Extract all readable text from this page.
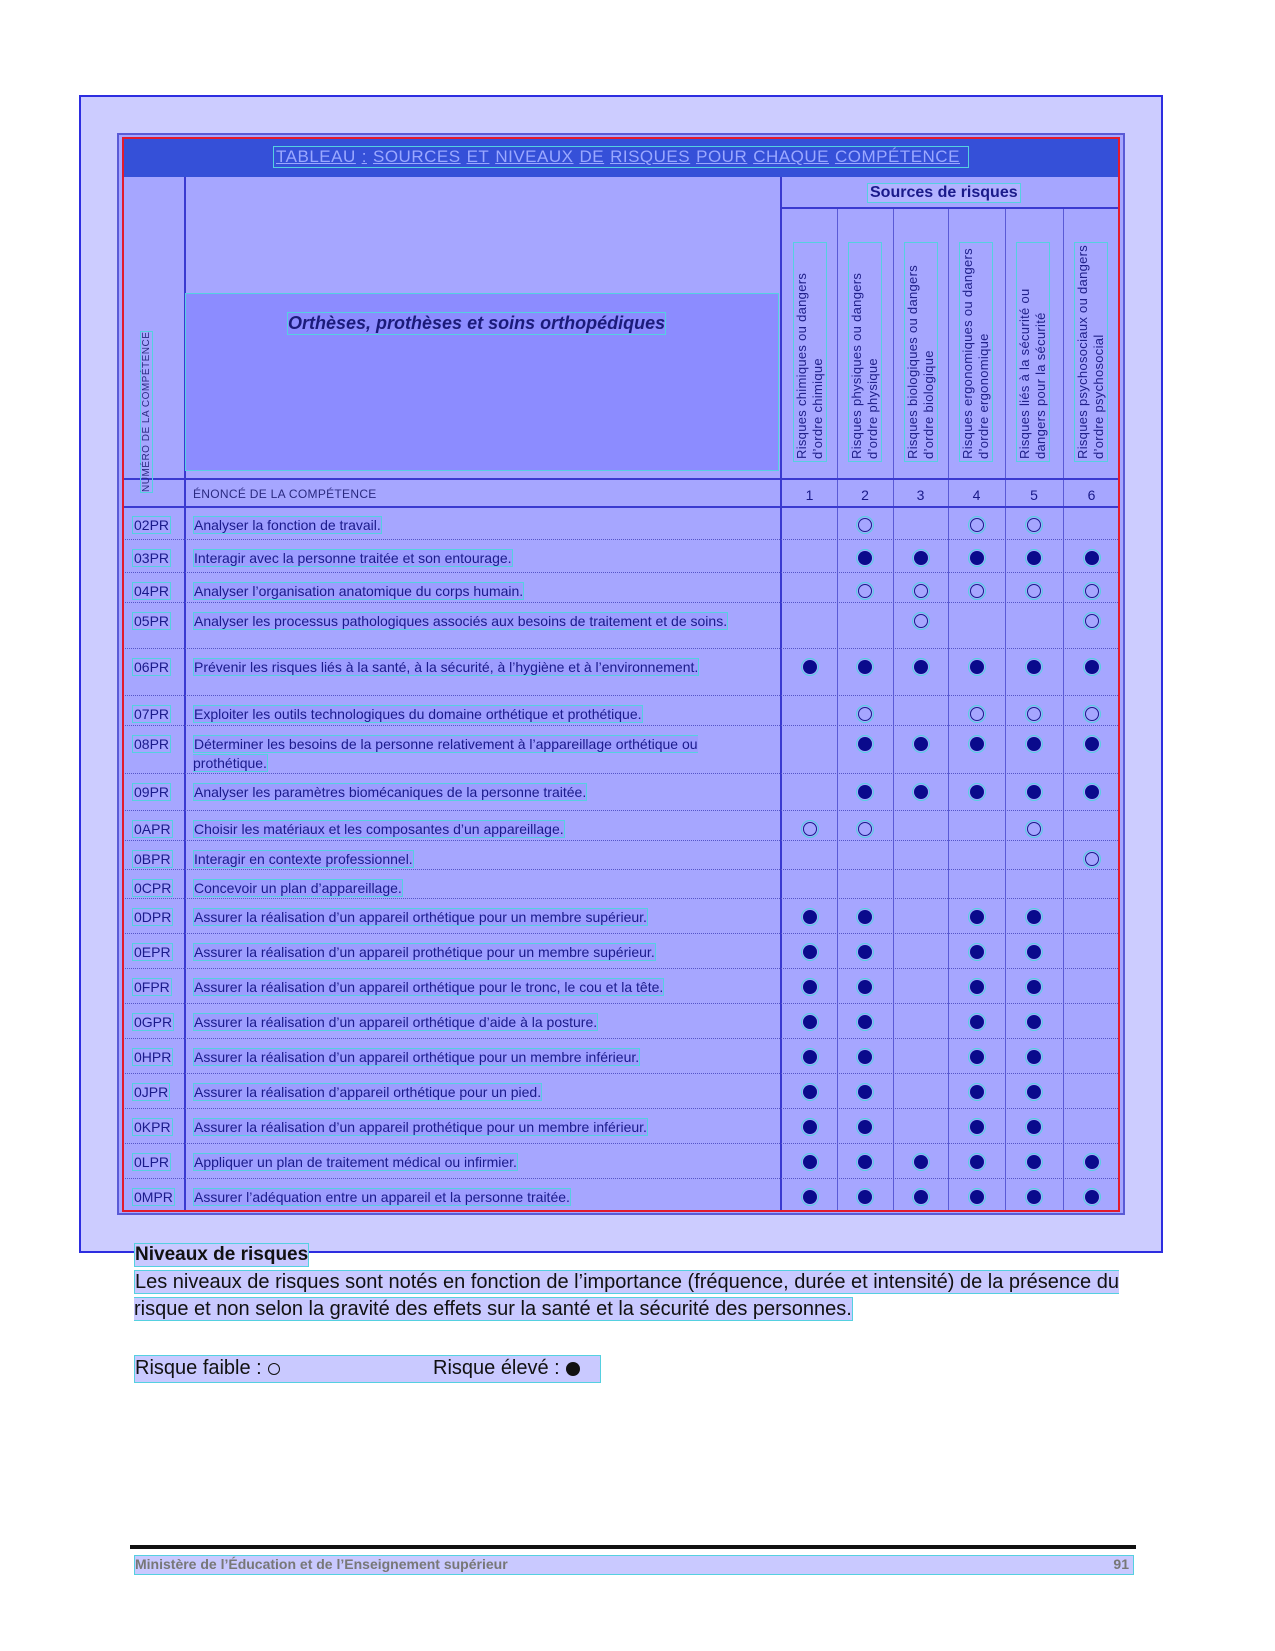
TABLEAU : SOURCES ET NIVEAUX DE RISQUES POUR CHAQUE COMPÉTENCE
Sources de risques
NUMÉRO DE LA COMPÉTENCE
Orthèses, prothèses et soins orthopédiques
ÉNONCÉ DE LA COMPÉTENCE
Risques chimiques ou dangers d’ordre chimique
1
Risques physiques ou dangers d’ordre physique
2
Risques biologiques ou dangers d’ordre biologique
3
Risques ergonomiques ou dangers d’ordre ergonomique
4
Risques liés à la sécurité ou dangers pour la sécurité
5
Risques psychosociaux ou dangers d’ordre psychosocial
6
02PR Analyser la fonction de travail.
03PR Interagir avec la personne traitée et son entourage.
04PR Analyser l’organisation anatomique du corps humain.
05PR Analyser les processus pathologiques associés aux besoins de traitement et de soins.
06PR Prévenir les risques liés à la santé, à la sécurité, à l’hygiène et à l’environnement.
07PR Exploiter les outils technologiques du domaine orthétique et prothétique.
08PR Déterminer les besoins de la personne relativement à l’appareillage orthétique ou prothétique.
09PR Analyser les paramètres biomécaniques de la personne traitée.
0APR Choisir les matériaux et les composantes d’un appareillage.
0BPR Interagir en contexte professionnel.
0CPR Concevoir un plan d’appareillage.
0DPR Assurer la réalisation d’un appareil orthétique pour un membre supérieur.
0EPR Assurer la réalisation d’un appareil prothétique pour un membre supérieur.
0FPR Assurer la réalisation d’un appareil orthétique pour le tronc, le cou et la tête.
0GPR Assurer la réalisation d’un appareil orthétique d’aide à la posture.
0HPR Assurer la réalisation d’un appareil orthétique pour un membre inférieur.
0JPR Assurer la réalisation d’appareil orthétique pour un pied.
0KPR Assurer la réalisation d’un appareil prothétique pour un membre inférieur.
0LPR Appliquer un plan de traitement médical ou infirmier.
0MPR Assurer l’adéquation entre un appareil et la personne traitée.
Niveaux de risques
Les niveaux de risques sont notés en fonction de l’importance (fréquence, durée et intensité) de la présence du risque et non selon la gravité des effets sur la santé et la sécurité des personnes.
Risque faible :	Risque élevé :
Ministère de l’Éducation et de l’Enseignement supérieur	91
